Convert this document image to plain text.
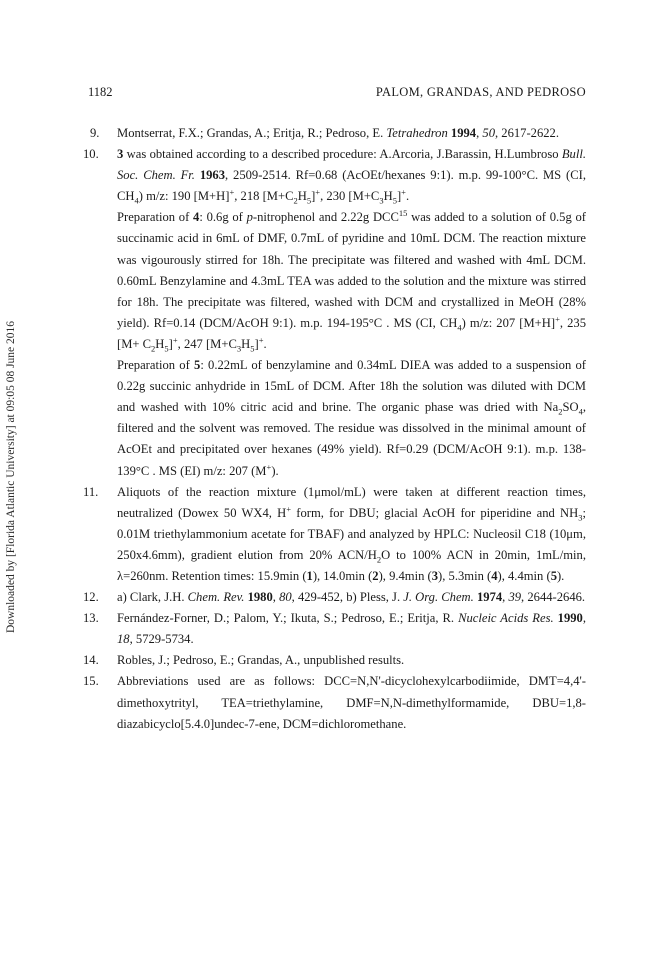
Downloaded by [Florida Atlantic University] at 09:05 08 June 2016
1182	PALOM, GRANDAS, AND PEDROSO
9. Montserrat, F.X.; Grandas, A.; Eritja, R.; Pedroso, E. Tetrahedron 1994, 50, 2617-2622.
10. 3 was obtained according to a described procedure: A.Arcoria, J.Barassin, H.Lumbroso Bull. Soc. Chem. Fr. 1963, 2509-2514. Rf=0.68 (AcOEt/hexanes 9:1). m.p. 99-100°C. MS (CI, $CH_4$) m/z: 190 [M+H]+, 218 $[M+C_2H_5]^+$, 230 $[M+C_3H_5]^+$.
Preparation of 4: 0.6g of p-nitrophenol and 2.22g DCC$^{15}$ was added to a solution of 0.5g of succinamic acid in 6mL of DMF, 0.7mL of pyridine and 10mL DCM. The reaction mixture was vigourously stirred for 18h. The precipitate was filtered and washed with 4mL DCM. 0.60mL Benzylamine and 4.3mL TEA was added to the solution and the mixture was stirred for 18h. The precipitate was filtered, washed with DCM and crystallized in MeOH (28% yield). Rf=0.14 (DCM/AcOH 9:1). m.p. 194-195°C . MS (CI, $CH_4$) m/z: 207 [M+H]+, 235 $[M+ C_2H_5]^+$, 247 $[M+C_3H_5]^+$.
Preparation of 5: 0.22mL of benzylamine and 0.34mL DIEA was added to a suspension of 0.22g succinic anhydride in 15mL of DCM. After 18h the solution was diluted with DCM and washed with 10% citric acid and brine. The organic phase was dried with $Na_2SO_4$, filtered and the solvent was removed. The residue was dissolved in the minimal amount of AcOEt and precipitated over hexanes (49% yield). Rf=0.29 (DCM/AcOH 9:1). m.p. 138-139°C . MS (EI) m/z: 207 (M+).
11. Aliquots of the reaction mixture (1μmol/mL) were taken at different reaction times, neutralized (Dowex 50 WX4, H+ form, for DBU; glacial AcOH for piperidine and $NH_3$; 0.01M triethylammonium acetate for TBAF) and analyzed by HPLC: Nucleosil C18 (10μm, 250x4.6mm), gradient elution from 20% ACN/$H_2O$ to 100% ACN in 20min, 1mL/min, λ=260nm. Retention times: 15.9min (1), 14.0min (2), 9.4min (3), 5.3min (4), 4.4min (5).
12. a) Clark, J.H. Chem. Rev. 1980, 80, 429-452, b) Pless, J. J. Org. Chem. 1974, 39, 2644-2646.
13. Fernández-Forner, D.; Palom, Y.; Ikuta, S.; Pedroso, E.; Eritja, R. Nucleic Acids Res. 1990, 18, 5729-5734.
14. Robles, J.; Pedroso, E.; Grandas, A., unpublished results.
15. Abbreviations used are as follows: DCC=N,N'-dicyclohexylcarbodiimide, DMT=4,4'-dimethoxytrityl, TEA=triethylamine, DMF=N,N-dimethylformamide, DBU=1,8-diazabicyclo[5.4.0]undec-7-ene, DCM=dichloromethane.
